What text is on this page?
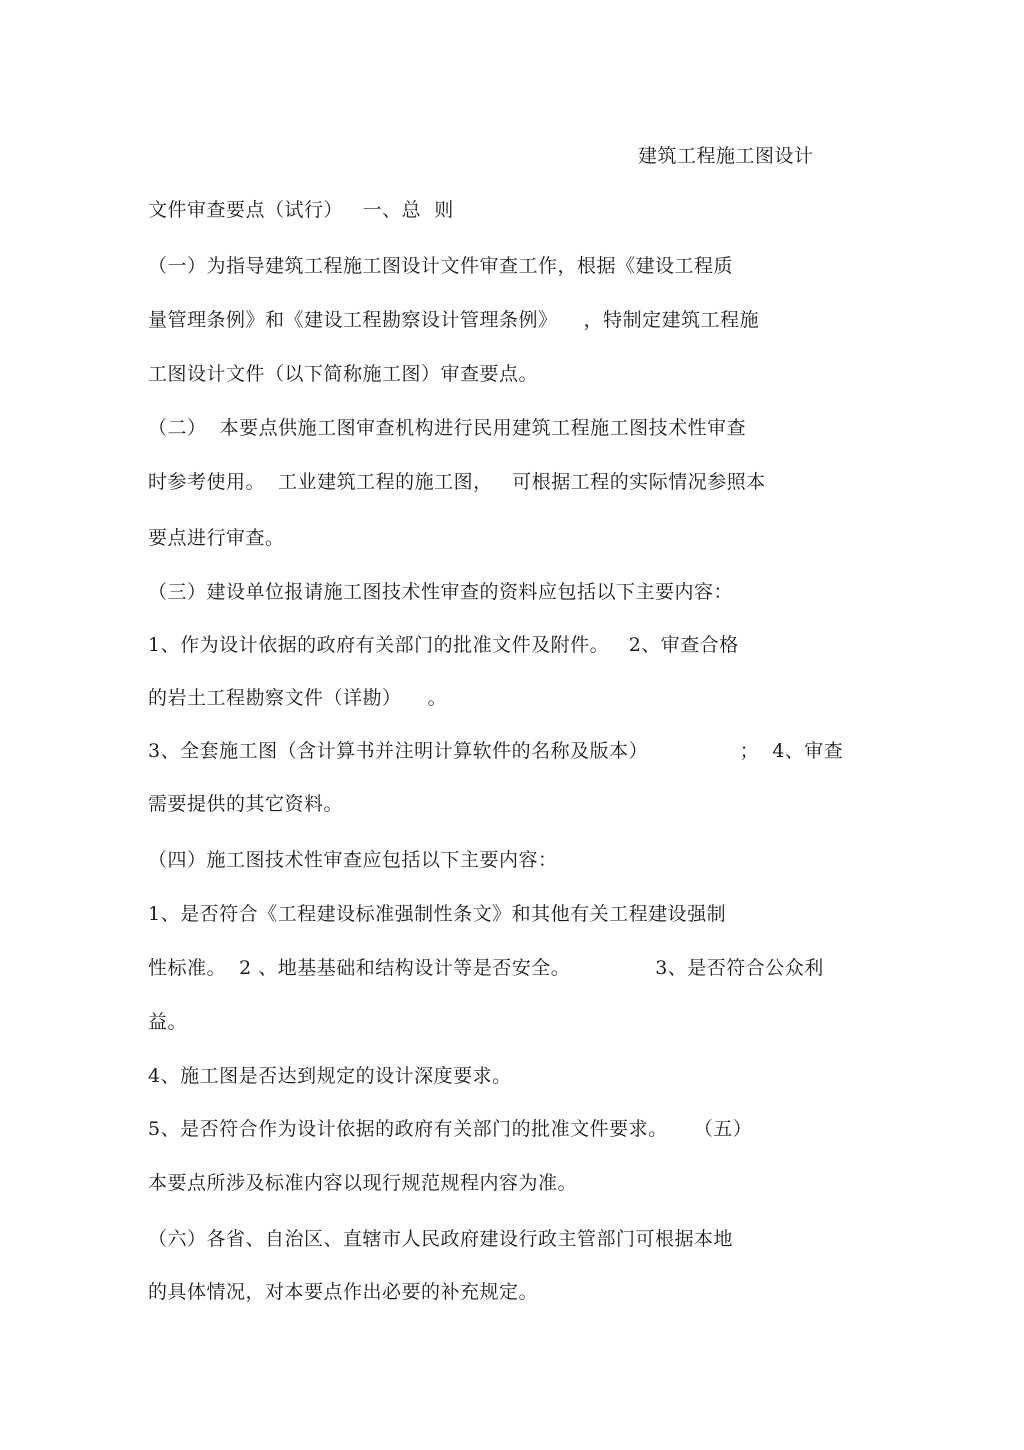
建筑工程施工图设计
文件审查要点（试行）   一、总  则
（一）为指导建筑工程施工图设计文件审查工作，根据《建设工程质
量管理条例》和《建设工程勘察设计管理条例》    ，特制定建筑工程施
工图设计文件（以下简称施工图）审查要点。
（二）  本要点供施工图审查机构进行民用建筑工程施工图技术性审查
时参考使用。  工业建筑工程的施工图，   可根据工程的实际情况参照本
要点进行审查。
（三）建设单位报请施工图技术性审查的资料应包括以下主要内容：
1、作为设计依据的政府有关部门的批准文件及附件。   2、审查合格
的岩土工程勘察文件（详勘）    。
3、全套施工图（含计算书并注明计算软件的名称及版本）              ；  4、审查
需要提供的其它资料。
（四）施工图技术性审查应包括以下主要内容：
1、是否符合《工程建设标准强制性条文》和其他有关工程建设强制
性标准。  2 、地基基础和结构设计等是否安全。             3、是否符合公众利
益。
4、施工图是否达到规定的设计深度要求。
5、是否符合作为设计依据的政府有关部门的批准文件要求。    （五）
本要点所涉及标准内容以现行规范规程内容为准。
（六）各省、自治区、直辖市人民政府建设行政主管部门可根据本地
的具体情况，对本要点作出必要的补充规定。
